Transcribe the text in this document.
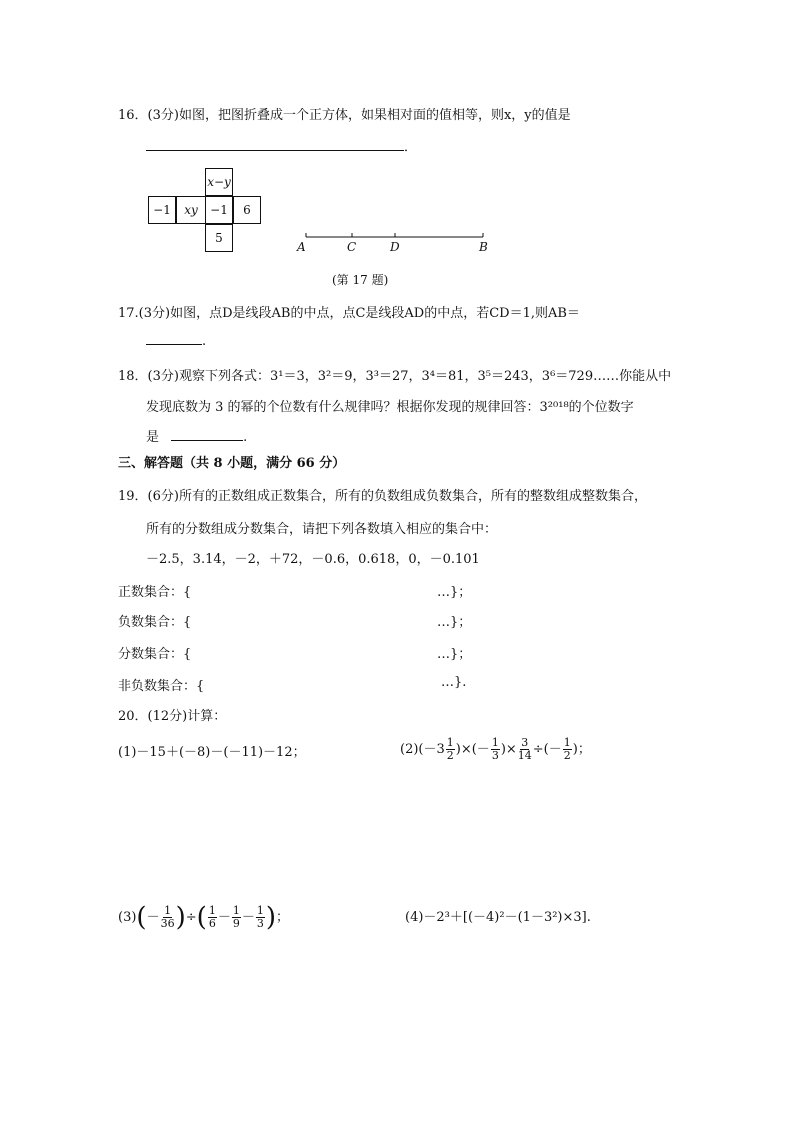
16．(3分)如图，把图折叠成一个正方体，如果相对面的值相等，则x，y的值是
．
x−y
−1	xy	−1	6
5
A	C	D	B
(第 17 题)
17.(3分)如图，点D是线段AB的中点，点C是线段AD的中点，若CD＝1,则AB＝
.
18．(3分)观察下列各式：3¹＝3，3²＝9，3³＝27，3⁴＝81，3⁵＝243，3⁶＝729……你能从中
发现底数为 3 的幂的个位数有什么规律吗？根据你发现的规律回答：3²⁰¹⁸的个位数字
是	.
三、解答题（共 8 小题，满分 66 分）
19．(6分)所有的正数组成正数集合，所有的负数组成负数集合，所有的整数组成整数集合，
所有的分数组成分数集合，请把下列各数填入相应的集合中：
－2.5，3.14，－2，＋72，－0.6，0.618，0，－0.101
正数集合：{	…}；
负数集合：{	…}；
分数集合：{	…}；
非负数集合：{	…}.
20．(12分)计算：
(1)－15＋(－8)－(－11)－12；	$(2)(-3 \frac{1}{2}$ )×(－ $\frac{1}{3}$ )× $\frac{3}{14}$ ÷(－ $\frac{1}{2}$ )；
$(3)(- \frac{1}{36}$ )÷( $\frac{1}{6} - \frac{1}{9} - \frac{1}{3}$ )；	(4)－2³＋[(－4)²－(1－3²)×3].
